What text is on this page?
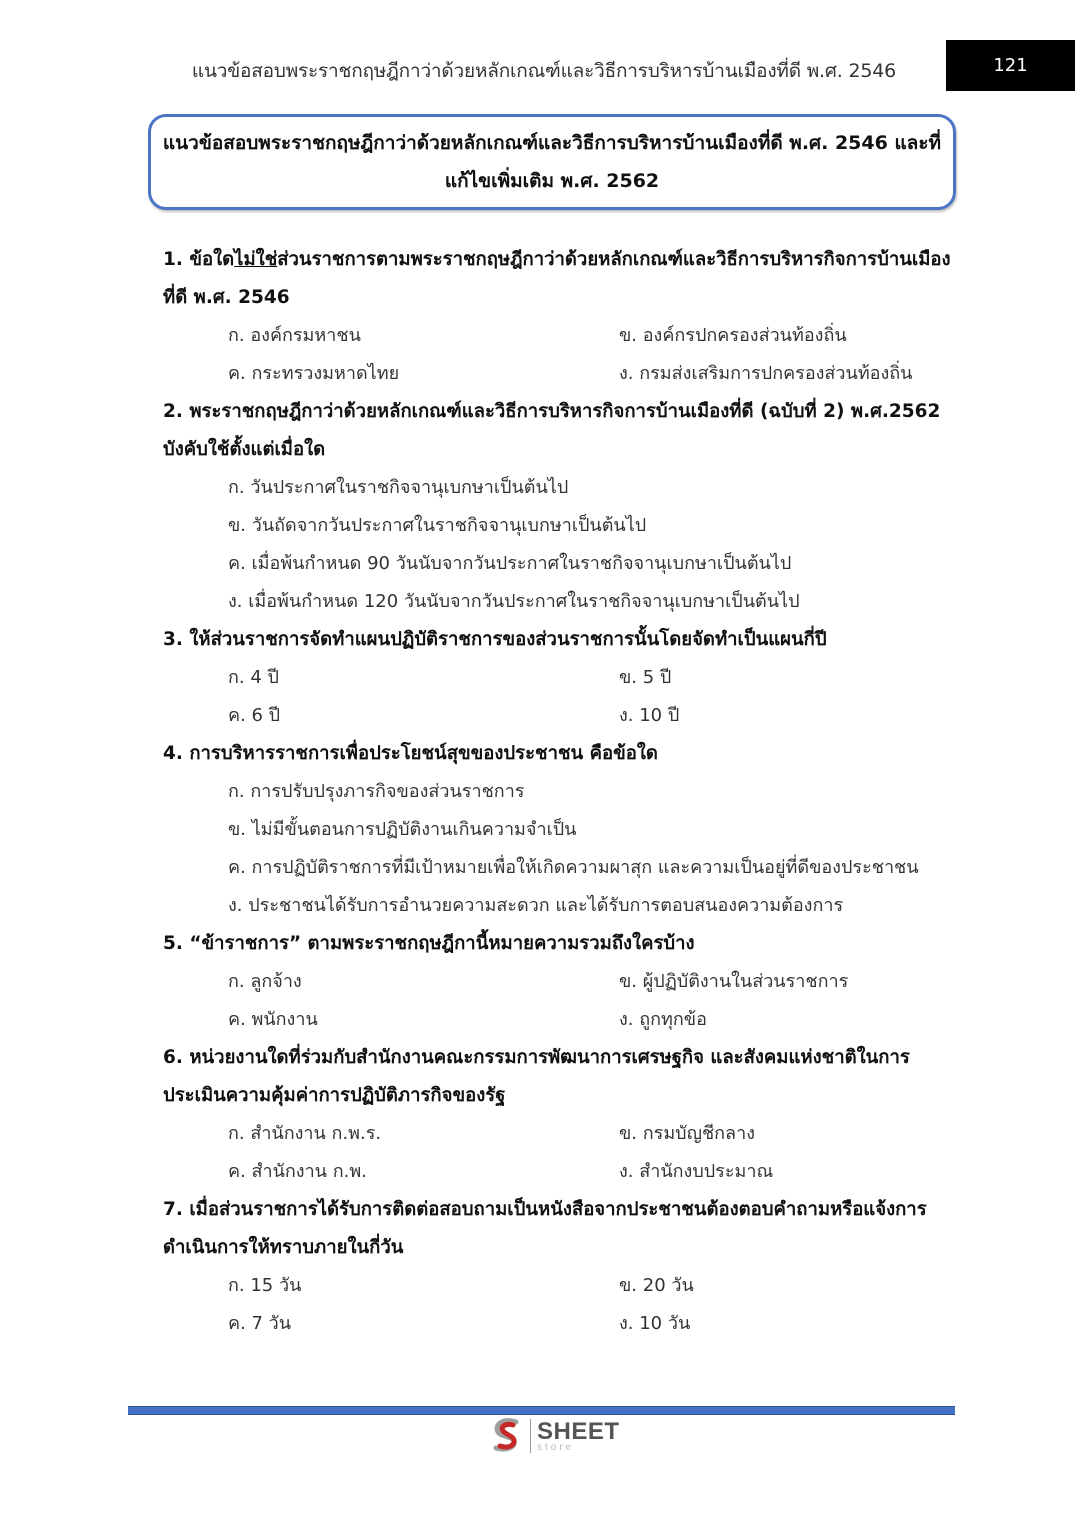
แนวข้อสอบพระราชกฤษฎีกาว่าด้วยหลักเกณฑ์และวิธีการบริหารบ้านเมืองที่ดี พ.ศ. 2546	121
แนวข้อสอบพระราชกฤษฎีกาว่าด้วยหลักเกณฑ์และวิธีการบริหารบ้านเมืองที่ดี พ.ศ. 2546 และที่
แก้ไขเพิ่มเติม พ.ศ. 2562
1. ข้อใดไม่ใช่ส่วนราชการตามพระราชกฤษฎีกาว่าด้วยหลักเกณฑ์และวิธีการบริหารกิจการบ้านเมือง
ที่ดี พ.ศ. 2546
ก. องค์กรมหาชน	ข. องค์กรปกครองส่วนท้องถิ่น
ค. กระทรวงมหาดไทย	ง. กรมส่งเสริมการปกครองส่วนท้องถิ่น
2. พระราชกฤษฎีกาว่าด้วยหลักเกณฑ์และวิธีการบริหารกิจการบ้านเมืองที่ดี (ฉบับที่ 2) พ.ศ.2562
บังคับใช้ตั้งแต่เมื่อใด
ก. วันประกาศในราชกิจจานุเบกษาเป็นต้นไป
ข. วันถัดจากวันประกาศในราชกิจจานุเบกษาเป็นต้นไป
ค. เมื่อพ้นกำหนด 90 วันนับจากวันประกาศในราชกิจจานุเบกษาเป็นต้นไป
ง. เมื่อพ้นกำหนด 120 วันนับจากวันประกาศในราชกิจจานุเบกษาเป็นต้นไป
3. ให้ส่วนราชการจัดทำแผนปฏิบัติราชการของส่วนราชการนั้นโดยจัดทำเป็นแผนกี่ปี
ก. 4 ปี	ข. 5 ปี
ค. 6 ปี	ง. 10 ปี
4. การบริหารราชการเพื่อประโยชน์สุขของประชาชน คือข้อใด
ก. การปรับปรุงภารกิจของส่วนราชการ
ข. ไม่มีขั้นตอนการปฏิบัติงานเกินความจำเป็น
ค. การปฏิบัติราชการที่มีเป้าหมายเพื่อให้เกิดความผาสุก และความเป็นอยู่ที่ดีของประชาชน
ง. ประชาชนได้รับการอำนวยความสะดวก และได้รับการตอบสนองความต้องการ
5. “ข้าราชการ” ตามพระราชกฤษฎีกานี้หมายความรวมถึงใครบ้าง
ก. ลูกจ้าง	ข. ผู้ปฏิบัติงานในส่วนราชการ
ค. พนักงาน	ง. ถูกทุกข้อ
6. หน่วยงานใดที่ร่วมกับสำนักงานคณะกรรมการพัฒนาการเศรษฐกิจ และสังคมแห่งชาติในการ
ประเมินความคุ้มค่าการปฏิบัติภารกิจของรัฐ
ก. สำนักงาน ก.พ.ร.	ข. กรมบัญชีกลาง
ค. สำนักงาน ก.พ.	ง. สำนักงบประมาณ
7. เมื่อส่วนราชการได้รับการติดต่อสอบถามเป็นหนังสือจากประชาชนต้องตอบคำถามหรือแจ้งการ
ดำเนินการให้ทราบภายในกี่วัน
ก. 15 วัน	ข. 20 วัน
ค. 7 วัน	ง. 10 วัน
SHEET
store
